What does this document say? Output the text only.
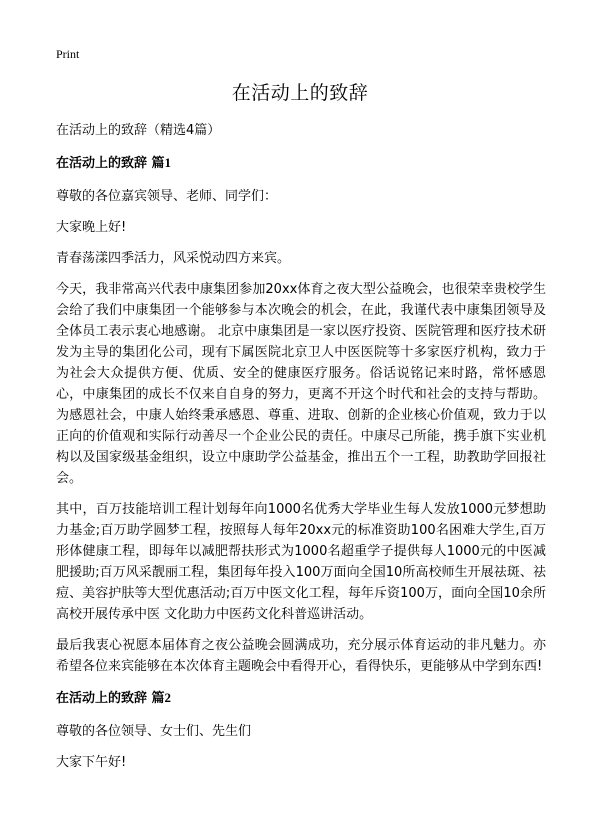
Print
在活动上的致辞

在活动上的致辞（精选4篇）

在活动上的致辞 篇1

尊敬的各位嘉宾领导、老师、同学们：

大家晚上好!

青春荡漾四季活力，风采悦动四方来宾。

今天，我非常高兴代表中康集团参加20xx体育之夜大型公益晚会，也很荣幸贵校学生会给了我们中康集团一个能够参与本次晚会的机会，在此，我谨代表中康集团领导及全体员工表示衷心地感谢。 北京中康集团是一家以医疗投资、医院管理和医疗技术研发为主导的集团化公司，现有下属医院北京卫人中医医院等十多家医疗机构，致力于为社会大众提供方便、优质、安全的健康医疗服务。俗话说铭记来时路，常怀感恩心，中康集团的成长不仅来自自身的努力，更离不开这个时代和社会的支持与帮助。为感恩社会，中康人始终秉承感恩、尊重、进取、创新的企业核心价值观，致力于以正向的价值观和实际行动善尽一个企业公民的责任。中康尽己所能，携手旗下实业机构以及国家级基金组织，设立中康助学公益基金，推出五个一工程，助教助学回报社会。

其中，百万技能培训工程计划每年向1000名优秀大学毕业生每人发放1000元梦想助力基金;百万助学圆梦工程，按照每人每年20xx元的标准资助100名困难大学生,百万形体健康工程，即每年以减肥帮扶形式为1000名超重学子提供每人1000元的中医减肥援助;百万风采靓丽工程，集团每年投入100万面向全国10所高校师生开展祛斑、祛痘、美容护肤等大型优惠活动;百万中医文化工程，每年斥资100万，面向全国10余所高校开展传承中医 文化助力中医药文化科普巡讲活动。

最后我衷心祝愿本届体育之夜公益晚会圆满成功，充分展示体育运动的非凡魅力。亦希望各位来宾能够在本次体育主题晚会中看得开心，看得快乐，更能够从中学到东西!

在活动上的致辞 篇2

尊敬的各位领导、女士们、先生们

大家下午好!
